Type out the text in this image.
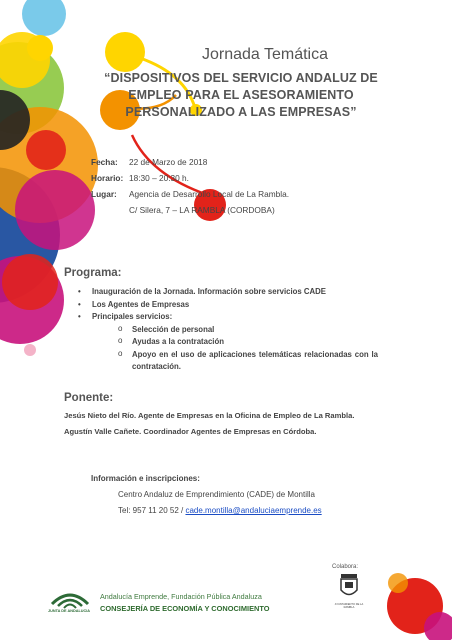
Jornada Temática
“DISPOSITIVOS DEL SERVICIO ANDALUZ DE
EMPLEO PARA EL ASESORAMIENTO
PERSONALIZADO A LAS EMPRESAS”
Fecha: 22 de Marzo de 2018
Horario: 18:30 – 20:30 h.
Lugar: Agencia de Desarrollo Local de La Rambla.
C/ Silera, 7 – LA RAMBLA (CORDOBA)
Programa:
• Inauguración de la Jornada. Información sobre servicios CADE
• Los Agentes de Empresas
• Principales servicios:
o Selección de personal
o Ayudas a la contratación
o Apoyo en el uso de aplicaciones telemáticas relacionadas con la contratación.
Ponente:
Jesús Nieto del Río. Agente de Empresas en la Oficina de Empleo de La Rambla.
Agustín Valle Cañete. Coordinador Agentes de Empresas en Córdoba.
Información e inscripciones:
Centro Andaluz de Emprendimiento (CADE) de Montilla
Tel: 957 11 20 52 / cade.montilla@andaluciaemprende.es
JUNTA DE ANDALUCIA
Andalucía Emprende, Fundación Pública Andaluza
CONSEJERÍA DE ECONOMÍA Y CONOCIMIENTO
Colabora:
AYUNTAMIENTO DE LA RAMBLA
